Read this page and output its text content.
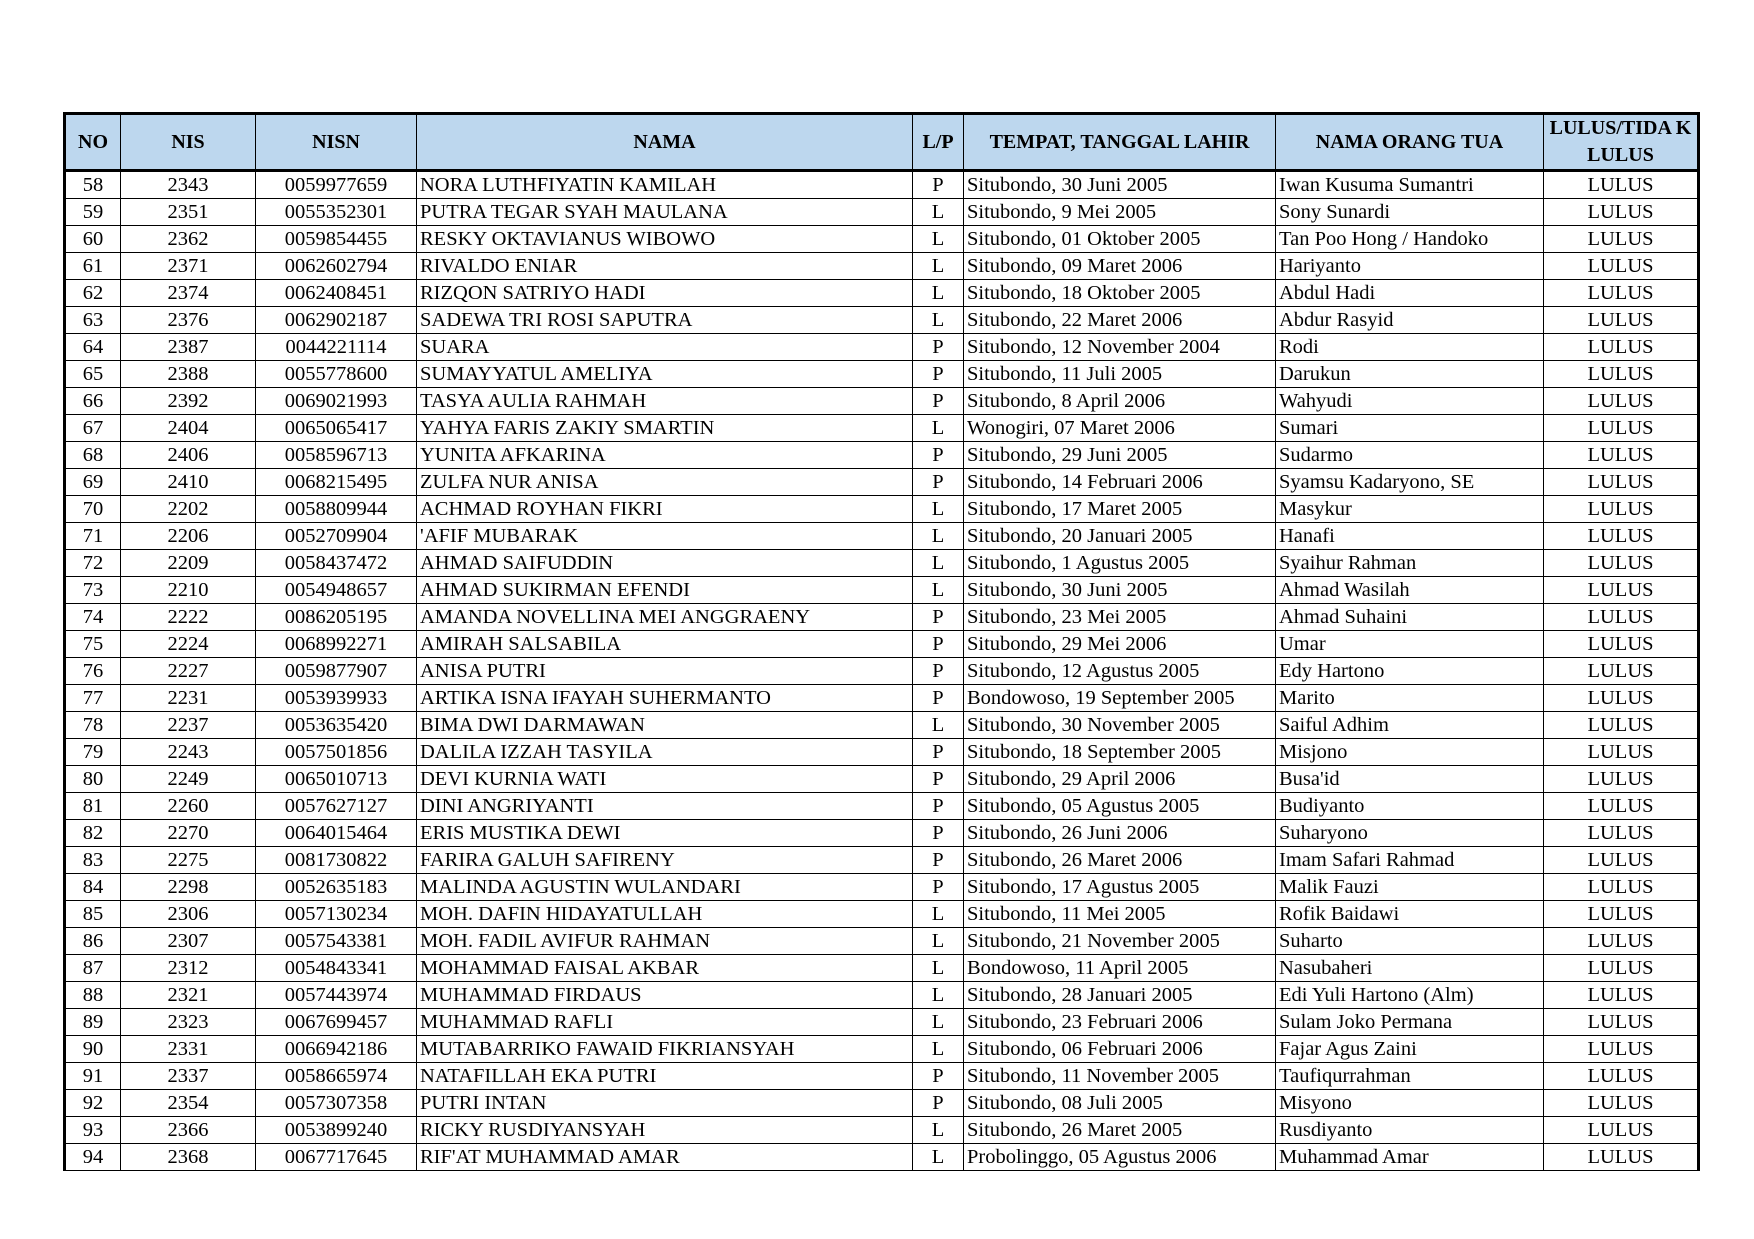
NO	NIS	NISN	NAMA	L/P	TEMPAT, TANGGAL LAHIR	NAMA ORANG TUA	LULUS/TIDA K LULUS
58	2343	0059977659	NORA LUTHFIYATIN KAMILAH	P	Situbondo, 30 Juni 2005	Iwan Kusuma Sumantri	LULUS
59	2351	0055352301	PUTRA TEGAR SYAH MAULANA	L	Situbondo, 9 Mei 2005	Sony Sunardi	LULUS
60	2362	0059854455	RESKY OKTAVIANUS WIBOWO	L	Situbondo, 01 Oktober 2005	Tan Poo Hong / Handoko	LULUS
61	2371	0062602794	RIVALDO ENIAR	L	Situbondo, 09 Maret 2006	Hariyanto	LULUS
62	2374	0062408451	RIZQON SATRIYO HADI	L	Situbondo, 18 Oktober 2005	Abdul Hadi	LULUS
63	2376	0062902187	SADEWA TRI ROSI SAPUTRA	L	Situbondo, 22 Maret 2006	Abdur Rasyid	LULUS
64	2387	0044221114	SUARA	P	Situbondo, 12 November 2004	Rodi	LULUS
65	2388	0055778600	SUMAYYATUL AMELIYA	P	Situbondo, 11 Juli 2005	Darukun	LULUS
66	2392	0069021993	TASYA AULIA RAHMAH	P	Situbondo, 8 April 2006	Wahyudi	LULUS
67	2404	0065065417	YAHYA FARIS ZAKIY SMARTIN	L	Wonogiri, 07 Maret 2006	Sumari	LULUS
68	2406	0058596713	YUNITA AFKARINA	P	Situbondo, 29 Juni 2005	Sudarmo	LULUS
69	2410	0068215495	ZULFA NUR ANISA	P	Situbondo, 14 Februari 2006	Syamsu Kadaryono, SE	LULUS
70	2202	0058809944	ACHMAD ROYHAN FIKRI	L	Situbondo, 17 Maret 2005	Masykur	LULUS
71	2206	0052709904	'AFIF MUBARAK	L	Situbondo, 20 Januari 2005	Hanafi	LULUS
72	2209	0058437472	AHMAD SAIFUDDIN	L	Situbondo, 1 Agustus 2005	Syaihur Rahman	LULUS
73	2210	0054948657	AHMAD SUKIRMAN EFENDI	L	Situbondo, 30 Juni 2005	Ahmad Wasilah	LULUS
74	2222	0086205195	AMANDA NOVELLINA MEI ANGGRAENY	P	Situbondo, 23 Mei 2005	Ahmad Suhaini	LULUS
75	2224	0068992271	AMIRAH SALSABILA	P	Situbondo, 29 Mei 2006	Umar	LULUS
76	2227	0059877907	ANISA PUTRI	P	Situbondo, 12 Agustus 2005	Edy Hartono	LULUS
77	2231	0053939933	ARTIKA ISNA IFAYAH SUHERMANTO	P	Bondowoso, 19 September 2005	Marito	LULUS
78	2237	0053635420	BIMA DWI DARMAWAN	L	Situbondo, 30 November 2005	Saiful Adhim	LULUS
79	2243	0057501856	DALILA IZZAH TASYILA	P	Situbondo, 18 September 2005	Misjono	LULUS
80	2249	0065010713	DEVI KURNIA WATI	P	Situbondo, 29 April 2006	Busa'id	LULUS
81	2260	0057627127	DINI ANGRIYANTI	P	Situbondo, 05 Agustus 2005	Budiyanto	LULUS
82	2270	0064015464	ERIS MUSTIKA DEWI	P	Situbondo, 26 Juni 2006	Suharyono	LULUS
83	2275	0081730822	FARIRA GALUH SAFIRENY	P	Situbondo, 26 Maret 2006	Imam Safari Rahmad	LULUS
84	2298	0052635183	MALINDA AGUSTIN WULANDARI	P	Situbondo, 17 Agustus 2005	Malik Fauzi	LULUS
85	2306	0057130234	MOH. DAFIN HIDAYATULLAH	L	Situbondo, 11 Mei 2005	Rofik Baidawi	LULUS
86	2307	0057543381	MOH. FADIL AVIFUR RAHMAN	L	Situbondo, 21 November 2005	Suharto	LULUS
87	2312	0054843341	MOHAMMAD FAISAL AKBAR	L	Bondowoso, 11 April 2005	Nasubaheri	LULUS
88	2321	0057443974	MUHAMMAD FIRDAUS	L	Situbondo, 28 Januari 2005	Edi Yuli Hartono (Alm)	LULUS
89	2323	0067699457	MUHAMMAD RAFLI	L	Situbondo, 23 Februari 2006	Sulam Joko Permana	LULUS
90	2331	0066942186	MUTABARRIKO FAWAID FIKRIANSYAH	L	Situbondo, 06 Februari 2006	Fajar Agus Zaini	LULUS
91	2337	0058665974	NATAFILLAH EKA PUTRI	P	Situbondo, 11 November 2005	Taufiqurrahman	LULUS
92	2354	0057307358	PUTRI INTAN	P	Situbondo, 08 Juli 2005	Misyono	LULUS
93	2366	0053899240	RICKY RUSDIYANSYAH	L	Situbondo, 26 Maret 2005	Rusdiyanto	LULUS
94	2368	0067717645	RIF'AT MUHAMMAD AMAR	L	Probolinggo, 05 Agustus 2006	Muhammad Amar	LULUS
